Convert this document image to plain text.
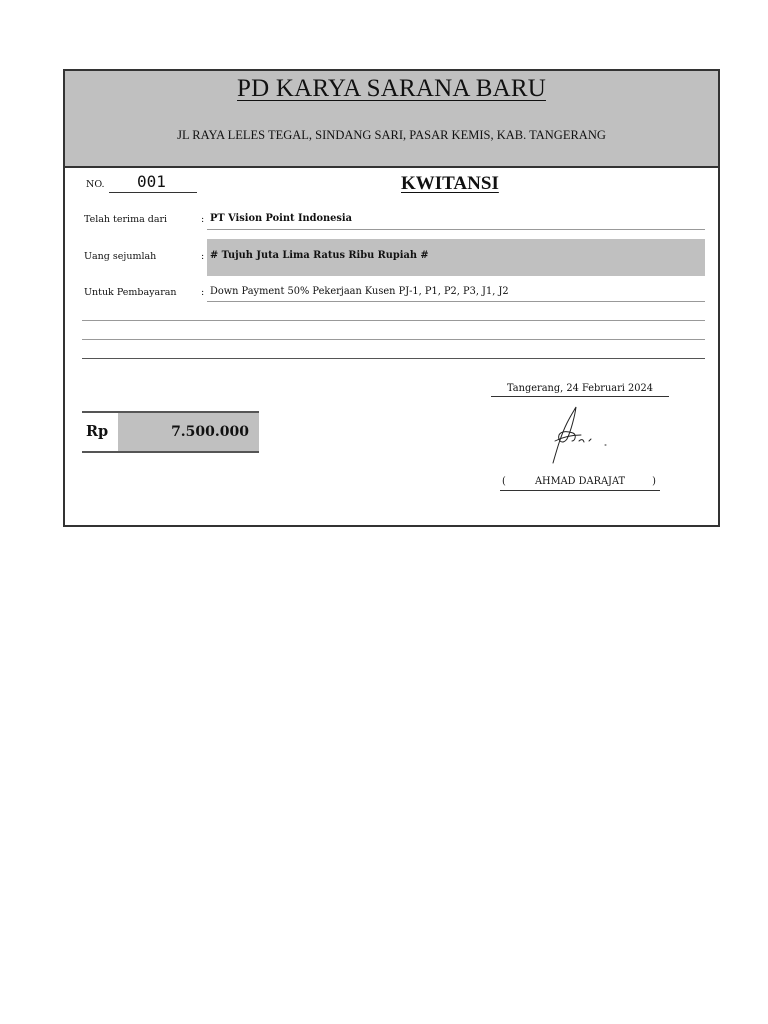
PD KARYA SARANA BARU
JL RAYA LELES TEGAL, SINDANG SARI, PASAR KEMIS, KAB. TANGERANG
NO.	001	KWITANSI
Telah terima dari	: PT Vision Point Indonesia
Uang sejumlah	: # Tujuh Juta Lima Ratus Ribu Rupiah #
Untuk Pembayaran	: Down Payment 50% Pekerjaan Kusen PJ-1, P1, P2, P3, J1, J2
Tangerang, 24 Februari 2024
Rp	7.500.000
(	AHMAD DARAJAT	)
